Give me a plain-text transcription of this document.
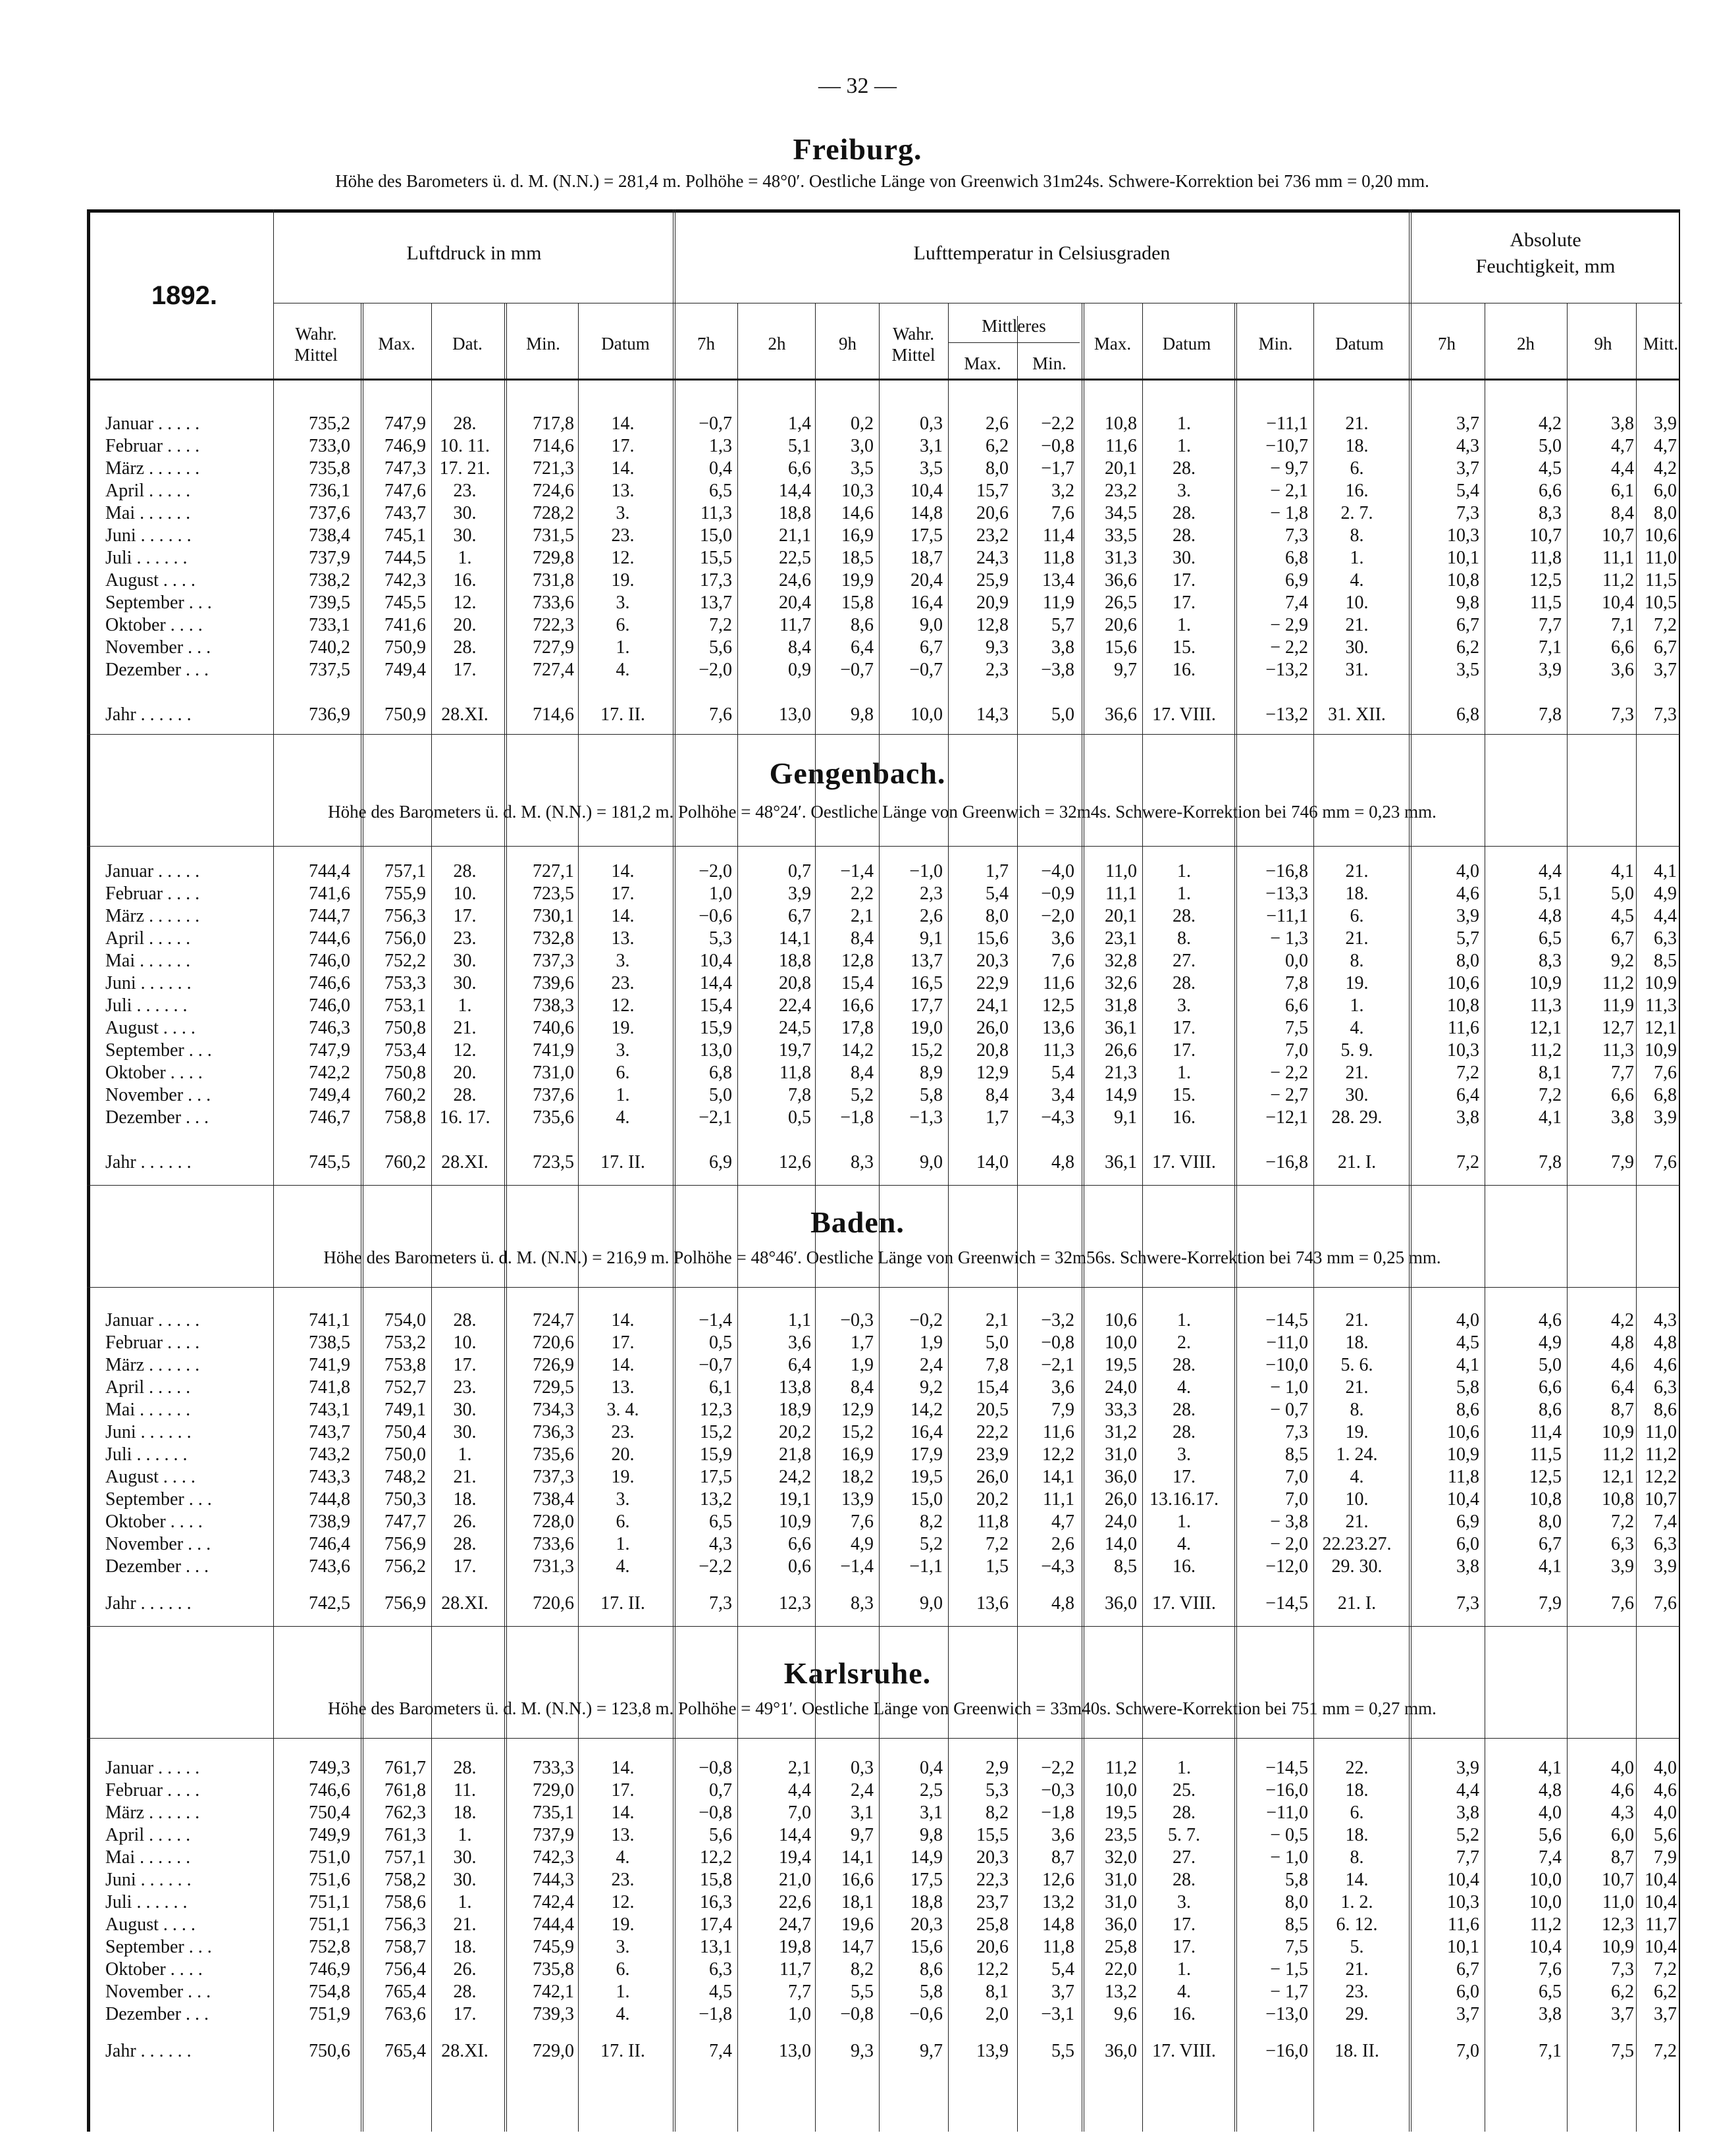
— 32 —
1892.
Luftdruck in mm	Lufttemperatur in Celsiusgraden
Absolute
Feuchtigkeit, mm
Wahr.
Mittel
Max.	Dat.	Min.	Datum	7h	2h	9h	Wahr.
Mittel
Mittleres
Max.	Min.
Max.	Datum	Min.	Datum	7h	2h	9h	Mitt.
Freiburg.
Höhe des Barometers ü. d. M. (N.N.) = 281,4 m. Polhöhe = 48°0′. Oestliche Länge von Greenwich 31m24s. Schwere-Korrektion bei 736 mm = 0,20 mm.
Januar . . . . .	735,2	747,9	28.	717,8	14.	−0,7	1,4	0,2	0,3	2,6	−2,2	10,8	1.	−11,1	21.	3,7	4,2	3,8	3,9
Februar . . . .	733,0	746,9 10. 11.	714,6	17.	1,3	5,1	3,0	3,1	6,2	−0,8	11,6	1.	−10,7	18.	4,3	5,0	4,7	4,7
März . . . . . .	735,8	747,3 17. 21.	721,3	14.	0,4	6,6	3,5	3,5	8,0	−1,7	20,1	28.	− 9,7	6.	3,7	4,5	4,4	4,2
April . . . . .	736,1	747,6	23.	724,6	13.	6,5	14,4	10,3	10,4	15,7	3,2	23,2	3.	− 2,1	16.	5,4	6,6	6,1	6,0
Mai . . . . . .	737,6	743,7	30.	728,2	3.	11,3	18,8	14,6	14,8	20,6	7,6	34,5	28.	− 1,8	2. 7.	7,3	8,3	8,4	8,0
Juni . . . . . .	738,4	745,1	30.	731,5	23.	15,0	21,1	16,9	17,5	23,2	11,4	33,5	28.	7,3	8.	10,3	10,7	10,7 10,6
Juli . . . . . .	737,9	744,5	1.	729,8	12.	15,5	22,5	18,5	18,7	24,3	11,8	31,3	30.	6,8	1.	10,1	11,8	11,1 11,0
August . . . .	738,2	742,3	16.	731,8	19.	17,3	24,6	19,9	20,4	25,9	13,4	36,6	17.	6,9	4.	10,8	12,5	11,2 11,5
September . . .	739,5	745,5	12.	733,6	3.	13,7	20,4	15,8	16,4	20,9	11,9	26,5	17.	7,4	10.	9,8	11,5	10,4 10,5
Oktober . . . .	733,1	741,6	20.	722,3	6.	7,2	11,7	8,6	9,0	12,8	5,7	20,6	1.	− 2,9	21.	6,7	7,7	7,1	7,2
November . . .	740,2	750,9	28.	727,9	1.	5,6	8,4	6,4	6,7	9,3	3,8	15,6	15.	− 2,2	30.	6,2	7,1	6,6	6,7
Dezember . . .	737,5	749,4	17.	727,4	4.	−2,0	0,9	−0,7	−0,7	2,3	−3,8	9,7	16.	−13,2	31.	3,5	3,9	3,6	3,7
Jahr . . . . . .	736,9	750,9 28.XI.	714,6	17. II.	7,6	13,0	9,8	10,0	14,3	5,0	36,6 17. VIII.	−13,2	31. XII.	6,8	7,8	7,3	7,3
Gengenbach.
Höhe des Barometers ü. d. M. (N.N.) = 181,2 m. Polhöhe = 48°24′. Oestliche Länge von Greenwich = 32m4s. Schwere-Korrektion bei 746 mm = 0,23 mm.
Januar . . . . .	744,4	757,1	28.	727,1	14.	−2,0	0,7	−1,4	−1,0	1,7	−4,0	11,0	1.	−16,8	21.	4,0	4,4	4,1	4,1
Februar . . . .	741,6	755,9	10.	723,5	17.	1,0	3,9	2,2	2,3	5,4	−0,9	11,1	1.	−13,3	18.	4,6	5,1	5,0	4,9
März . . . . . .	744,7	756,3	17.	730,1	14.	−0,6	6,7	2,1	2,6	8,0	−2,0	20,1	28.	−11,1	6.	3,9	4,8	4,5	4,4
April . . . . .	744,6	756,0	23.	732,8	13.	5,3	14,1	8,4	9,1	15,6	3,6	23,1	8.	− 1,3	21.	5,7	6,5	6,7	6,3
Mai . . . . . .	746,0	752,2	30.	737,3	3.	10,4	18,8	12,8	13,7	20,3	7,6	32,8	27.	0,0	8.	8,0	8,3	9,2	8,5
Juni . . . . . .	746,6	753,3	30.	739,6	23.	14,4	20,8	15,4	16,5	22,9	11,6	32,6	28.	7,8	19.	10,6	10,9	11,2 10,9
Juli . . . . . .	746,0	753,1	1.	738,3	12.	15,4	22,4	16,6	17,7	24,1	12,5	31,8	3.	6,6	1.	10,8	11,3	11,9 11,3
August . . . .	746,3	750,8	21.	740,6	19.	15,9	24,5	17,8	19,0	26,0	13,6	36,1	17.	7,5	4.	11,6	12,1	12,7 12,1
September . . .	747,9	753,4	12.	741,9	3.	13,0	19,7	14,2	15,2	20,8	11,3	26,6	17.	7,0	5. 9.	10,3	11,2	11,3 10,9
Oktober . . . .	742,2	750,8	20.	731,0	6.	6,8	11,8	8,4	8,9	12,9	5,4	21,3	1.	− 2,2	21.	7,2	8,1	7,7	7,6
November . . .	749,4	760,2	28.	737,6	1.	5,0	7,8	5,2	5,8	8,4	3,4	14,9	15.	− 2,7	30.	6,4	7,2	6,6	6,8
Dezember . . .	746,7	758,8 16. 17.	735,6	4.	−2,1	0,5	−1,8	−1,3	1,7	−4,3	9,1	16.	−12,1	28. 29.	3,8	4,1	3,8	3,9
Jahr . . . . . .	745,5	760,2 28.XI.	723,5	17. II.	6,9	12,6	8,3	9,0	14,0	4,8	36,1 17. VIII.	−16,8	21. I.	7,2	7,8	7,9	7,6
Baden.
Höhe des Barometers ü. d. M. (N.N.) = 216,9 m. Polhöhe = 48°46′. Oestliche Länge von Greenwich = 32m56s. Schwere-Korrektion bei 743 mm = 0,25 mm.
Januar . . . . .	741,1	754,0	28.	724,7	14.	−1,4	1,1	−0,3	−0,2	2,1	−3,2	10,6	1.	−14,5	21.	4,0	4,6	4,2	4,3
Februar . . . .	738,5	753,2	10.	720,6	17.	0,5	3,6	1,7	1,9	5,0	−0,8	10,0	2.	−11,0	18.	4,5	4,9	4,8	4,8
März . . . . . .	741,9	753,8	17.	726,9	14.	−0,7	6,4	1,9	2,4	7,8	−2,1	19,5	28.	−10,0	5. 6.	4,1	5,0	4,6	4,6
April . . . . .	741,8	752,7	23.	729,5	13.	6,1	13,8	8,4	9,2	15,4	3,6	24,0	4.	− 1,0	21.	5,8	6,6	6,4	6,3
Mai . . . . . .	743,1	749,1	30.	734,3	3. 4.	12,3	18,9	12,9	14,2	20,5	7,9	33,3	28.	− 0,7	8.	8,6	8,6	8,7	8,6
Juni . . . . . .	743,7	750,4	30.	736,3	23.	15,2	20,2	15,2	16,4	22,2	11,6	31,2	28.	7,3	19.	10,6	11,4	10,9 11,0
Juli . . . . . .	743,2	750,0	1.	735,6	20.	15,9	21,8	16,9	17,9	23,9	12,2	31,0	3.	8,5	1. 24.	10,9	11,5	11,2 11,2
August . . . .	743,3	748,2	21.	737,3	19.	17,5	24,2	18,2	19,5	26,0	14,1	36,0	17.	7,0	4.	11,8	12,5	12,1 12,2
September . . .	744,8	750,3	18.	738,4	3.	13,2	19,1	13,9	15,0	20,2	11,1	26,0 13.16.17.	7,0	10.	10,4	10,8	10,8 10,7
Oktober . . . .	738,9	747,7	26.	728,0	6.	6,5	10,9	7,6	8,2	11,8	4,7	24,0	1.	− 3,8	21.	6,9	8,0	7,2	7,4
November . . .	746,4	756,9	28.	733,6	1.	4,3	6,6	4,9	5,2	7,2	2,6	14,0	4.	− 2,0 22.23.27.	6,0	6,7	6,3	6,3
Dezember . . .	743,6	756,2	17.	731,3	4.	−2,2	0,6	−1,4	−1,1	1,5	−4,3	8,5	16.	−12,0	29. 30.	3,8	4,1	3,9	3,9
Jahr . . . . . .	742,5	756,9 28.XI.	720,6	17. II.	7,3	12,3	8,3	9,0	13,6	4,8	36,0 17. VIII.	−14,5	21. I.	7,3	7,9	7,6	7,6
Karlsruhe.
Höhe des Barometers ü. d. M. (N.N.) = 123,8 m. Polhöhe = 49°1′. Oestliche Länge von Greenwich = 33m40s. Schwere-Korrektion bei 751 mm = 0,27 mm.
Januar . . . . .	749,3	761,7	28.	733,3	14.	−0,8	2,1	0,3	0,4	2,9	−2,2	11,2	1.	−14,5	22.	3,9	4,1	4,0	4,0
Februar . . . .	746,6	761,8	11.	729,0	17.	0,7	4,4	2,4	2,5	5,3	−0,3	10,0	25.	−16,0	18.	4,4	4,8	4,6	4,6
März . . . . . .	750,4	762,3	18.	735,1	14.	−0,8	7,0	3,1	3,1	8,2	−1,8	19,5	28.	−11,0	6.	3,8	4,0	4,3	4,0
April . . . . .	749,9	761,3	1.	737,9	13.	5,6	14,4	9,7	9,8	15,5	3,6	23,5	5. 7.	− 0,5	18.	5,2	5,6	6,0	5,6
Mai . . . . . .	751,0	757,1	30.	742,3	4.	12,2	19,4	14,1	14,9	20,3	8,7	32,0	27.	− 1,0	8.	7,7	7,4	8,7	7,9
Juni . . . . . .	751,6	758,2	30.	744,3	23.	15,8	21,0	16,6	17,5	22,3	12,6	31,0	28.	5,8	14.	10,4	10,0	10,7 10,4
Juli . . . . . .	751,1	758,6	1.	742,4	12.	16,3	22,6	18,1	18,8	23,7	13,2	31,0	3.	8,0	1. 2.	10,3	10,0	11,0 10,4
August . . . .	751,1	756,3	21.	744,4	19.	17,4	24,7	19,6	20,3	25,8	14,8	36,0	17.	8,5	6. 12.	11,6	11,2	12,3 11,7
September . . .	752,8	758,7	18.	745,9	3.	13,1	19,8	14,7	15,6	20,6	11,8	25,8	17.	7,5	5.	10,1	10,4	10,9 10,4
Oktober . . . .	746,9	756,4	26.	735,8	6.	6,3	11,7	8,2	8,6	12,2	5,4	22,0	1.	− 1,5	21.	6,7	7,6	7,3	7,2
November . . .	754,8	765,4	28.	742,1	1.	4,5	7,7	5,5	5,8	8,1	3,7	13,2	4.	− 1,7	23.	6,0	6,5	6,2	6,2
Dezember . . .	751,9	763,6	17.	739,3	4.	−1,8	1,0	−0,8	−0,6	2,0	−3,1	9,6	16.	−13,0	29.	3,7	3,8	3,7	3,7
Jahr . . . . . .	750,6	765,4 28.XI.	729,0	17. II.	7,4	13,0	9,3	9,7	13,9	5,5	36,0 17. VIII.	−16,0	18. II.	7,0	7,1	7,5	7,2
